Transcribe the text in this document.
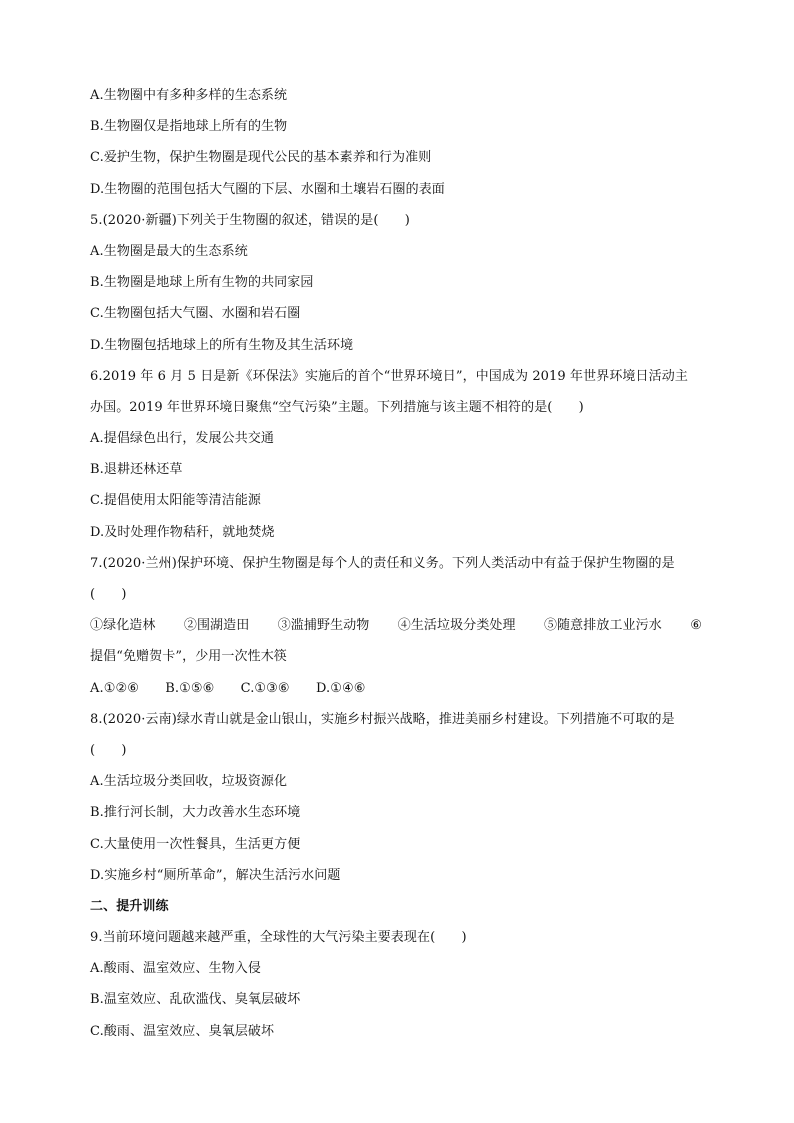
A.生物圈中有多种多样的生态系统
B.生物圈仅是指地球上所有的生物
C.爱护生物，保护生物圈是现代公民的基本素养和行为准则
D.生物圈的范围包括大气圈的下层、水圈和土壤岩石圈的表面
5.(2020·新疆)下列关于生物圈的叙述，错误的是(　　)
A.生物圈是最大的生态系统
B.生物圈是地球上所有生物的共同家园
C.生物圈包括大气圈、水圈和岩石圈
D.生物圈包括地球上的所有生物及其生活环境
6.2019 年 6 月 5 日是新《环保法》实施后的首个“世界环境日”，中国成为 2019 年世界环境日活动主
办国。2019 年世界环境日聚焦“空气污染”主题。下列措施与该主题不相符的是(　　)
A.提倡绿色出行，发展公共交通
B.退耕还林还草
C.提倡使用太阳能等清洁能源
D.及时处理作物秸秆，就地焚烧
7.(2020·兰州)保护环境、保护生物圈是每个人的责任和义务。下列人类活动中有益于保护生物圈的是
(　　)
①绿化造林 ②围湖造田 ③滥捕野生动物 ④生活垃圾分类处理 ⑤随意排放工业污水 ⑥
提倡“免赠贺卡”，少用一次性木筷
A.①②⑥ B.①⑤⑥ C.①③⑥ D.①④⑥
8.(2020·云南)绿水青山就是金山银山，实施乡村振兴战略，推进美丽乡村建设。下列措施不可取的是
(　　)
A.生活垃圾分类回收，垃圾资源化
B.推行河长制，大力改善水生态环境
C.大量使用一次性餐具，生活更方便
D.实施乡村“厕所革命”，解决生活污水问题
二、提升训练
9.当前环境问题越来越严重，全球性的大气污染主要表现在(　　)
A.酸雨、温室效应、生物入侵
B.温室效应、乱砍滥伐、臭氧层破坏
C.酸雨、温室效应、臭氧层破坏
